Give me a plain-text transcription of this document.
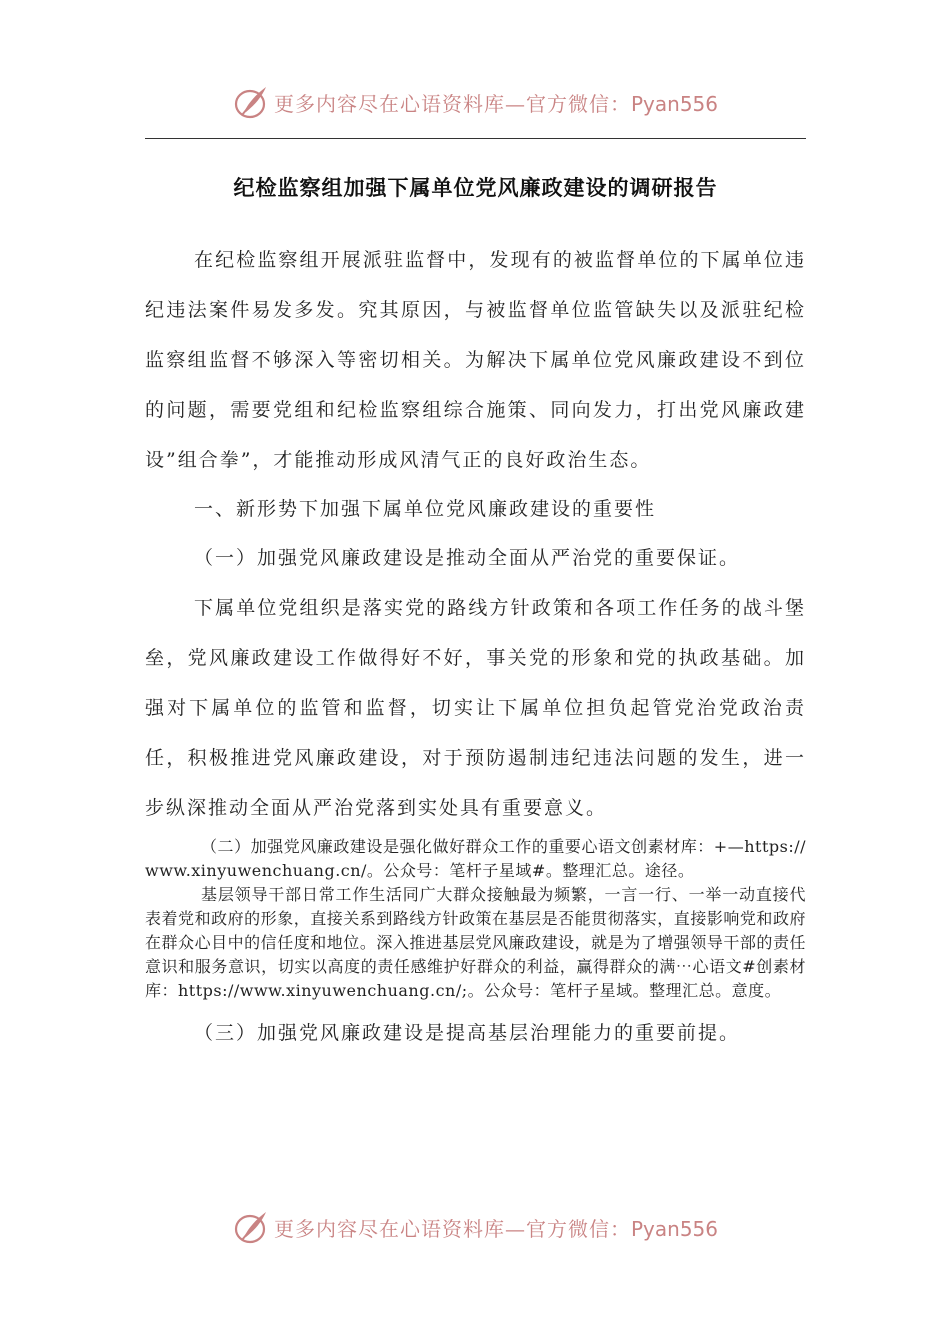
更多内容尽在心语资料库—官方微信：Pyan556
纪检监察组加强下属单位党风廉政建设的调研报告

在纪检监察组开展派驻监督中，发现有的被监督单位的下属单位违纪违法案件易发多发。究其原因，与被监督单位监管缺失以及派驻纪检监察组监督不够深入等密切相关。为解决下属单位党风廉政建设不到位的问题，需要党组和纪检监察组综合施策、同向发力，打出党风廉政建设”组合拳”，才能推动形成风清气正的良好政治生态。

一、新形势下加强下属单位党风廉政建设的重要性

（一）加强党风廉政建设是推动全面从严治党的重要保证。

下属单位党组织是落实党的路线方针政策和各项工作任务的战斗堡垒，党风廉政建设工作做得好不好，事关党的形象和党的执政基础。加强对下属单位的监管和监督，切实让下属单位担负起管党治党政治责任，积极推进党风廉政建设，对于预防遏制违纪违法问题的发生，进一步纵深推动全面从严治党落到实处具有重要意义。

（二）加强党风廉政建设是强化做好群众工作的重要心语文创素材库：+—https://www.xinyuwenchuang.cn/。公众号：笔杆子星域#。整理汇总。途径。

基层领导干部日常工作生活同广大群众接触最为频繁，一言一行、一举一动直接代表着党和政府的形象，直接关系到路线方针政策在基层是否能贯彻落实，直接影响党和政府在群众心目中的信任度和地位。深入推进基层党风廉政建设，就是为了增强领导干部的责任意识和服务意识，切实以高度的责任感维护好群众的利益，赢得群众的满⋯心语文#创素材库：https://www.xinyuwenchuang.cn/;。公众号：笔杆子星域。整理汇总。意度。

（三）加强党风廉政建设是提高基层治理能力的重要前提。

更多内容尽在心语资料库—官方微信：Pyan556
